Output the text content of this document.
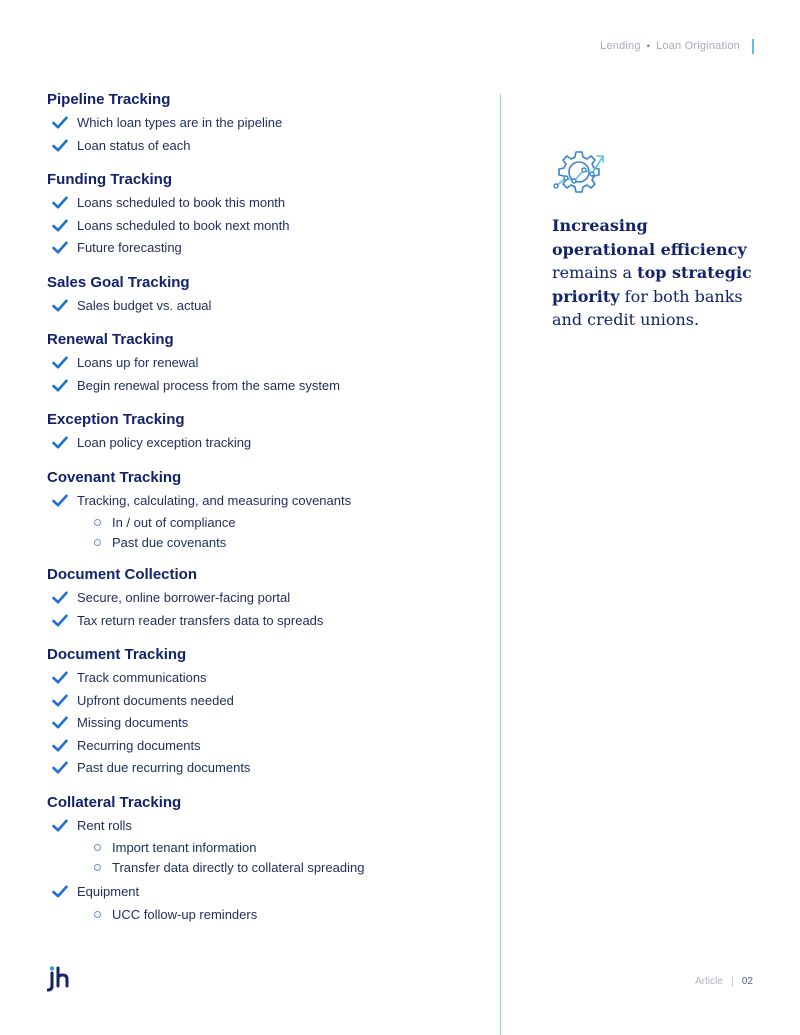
Lending • Loan Origination
Pipeline Tracking
Which loan types are in the pipeline
Loan status of each
Funding Tracking
Loans scheduled to book this month
Loans scheduled to book next month
Future forecasting
Sales Goal Tracking
Sales budget vs. actual
Renewal Tracking
Loans up for renewal
Begin renewal process from the same system
Exception Tracking
Loan policy exception tracking
Covenant Tracking
Tracking, calculating, and measuring covenants
In / out of compliance
Past due covenants
Document Collection
Secure, online borrower-facing portal
Tax return reader transfers data to spreads
Document Tracking
Track communications
Upfront documents needed
Missing documents
Recurring documents
Past due recurring documents
Collateral Tracking
Rent rolls
Import tenant information
Transfer data directly to collateral spreading
Equipment
UCC follow-up reminders

Increasing operational efficiency remains a top strategic priority for both banks and credit unions.

Article 02
